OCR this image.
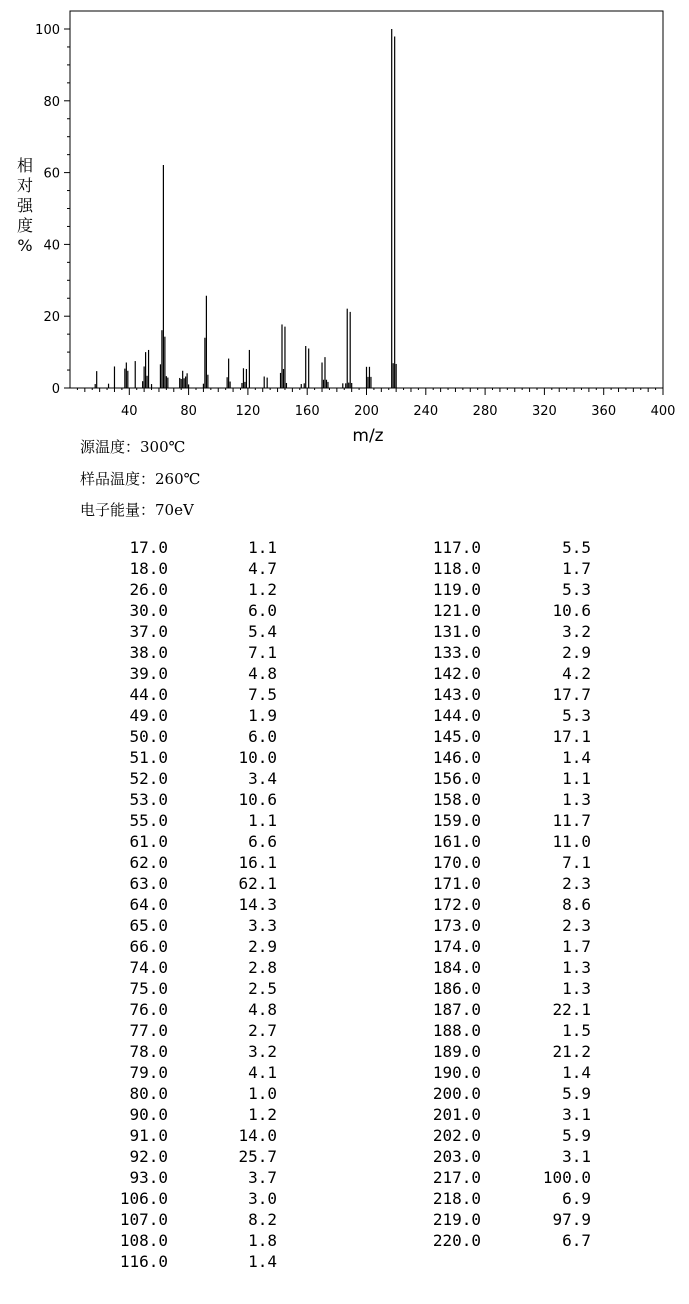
0
20
40
60
80
100
40	80	120	160	200	240	280	320	360	400
m/z
相对强度%
源温度：300℃
样品温度：260℃
电子能量：70eV
17.0	1.1
18.0	4.7
26.0	1.2
30.0	6.0
37.0	5.4
38.0	7.1
39.0	4.8
44.0	7.5
49.0	1.9
50.0	6.0
51.0	10.0
52.0	3.4
53.0	10.6
55.0	1.1
61.0	6.6
62.0	16.1
63.0	62.1
64.0	14.3
65.0	3.3
66.0	2.9
74.0	2.8
75.0	2.5
76.0	4.8
77.0	2.7
78.0	3.2
79.0	4.1
80.0	1.0
90.0	1.2
91.0	14.0
92.0	25.7
93.0	3.7
106.0	3.0
107.0	8.2
108.0	1.8
116.0	1.4
117.0	5.5
118.0	1.7
119.0	5.3
121.0	10.6
131.0	3.2
133.0	2.9
142.0	4.2
143.0	17.7
144.0	5.3
145.0	17.1
146.0	1.4
156.0	1.1
158.0	1.3
159.0	11.7
161.0	11.0
170.0	7.1
171.0	2.3
172.0	8.6
173.0	2.3
174.0	1.7
184.0	1.3
186.0	1.3
187.0	22.1
188.0	1.5
189.0	21.2
190.0	1.4
200.0	5.9
201.0	3.1
202.0	5.9
203.0	3.1
217.0	100.0
218.0	6.9
219.0	97.9
220.0	6.7
